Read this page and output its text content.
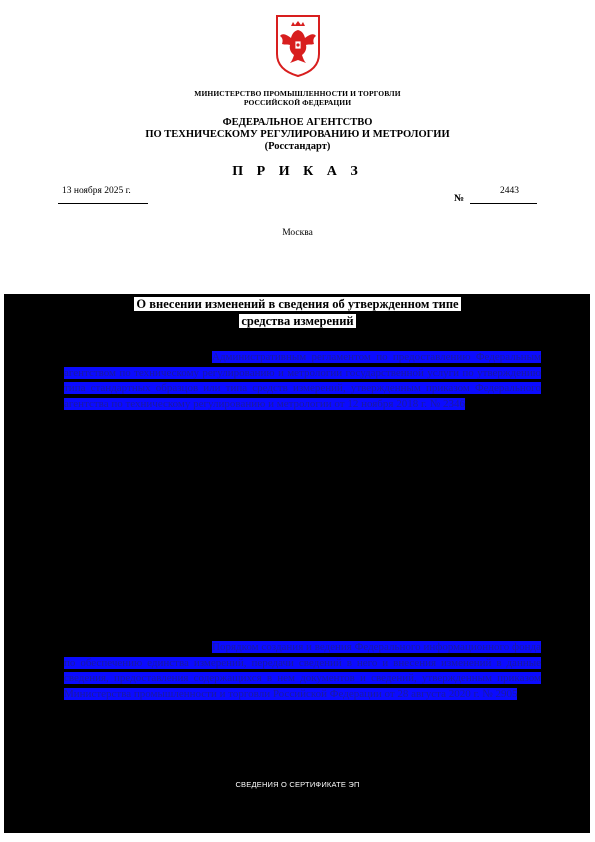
МИНИСТЕРСТВО ПРОМЫШЛЕННОСТИ И ТОРГОВЛИ
РОССИЙСКОЙ ФЕДЕРАЦИИ
ФЕДЕРАЛЬНОЕ АГЕНТСТВО
ПО ТЕХНИЧЕСКОМУ РЕГУЛИРОВАНИЮ И МЕТРОЛОГИИ
(Росстандарт)
П Р И К А З
13 ноября 2025 г.
№
2443
Москва
О внесении изменений в сведения об утвержденном типе
средства измерений
Административным регламентом по предоставлению Федеральным агентством по техническому регулированию и метрологии государственной услуги по утверждению типа стандартных образцов или типа средств измерений, утвержденным приказом Федерального агентства по техническому регулированию и метрологии от 12 ноября 2018 г. № 2346
Порядком создания и ведения Федерального информационного фонда по обеспечению единства измерений, передачи сведений в него и внесения изменений в данные сведения, предоставления содержащихся в нем документов и сведений, утвержденным приказом Министерства промышленности и торговли Российской Федерации от 28 августа 2020 г. № 2905
СВЕДЕНИЯ О СЕРТИФИКАТЕ ЭП
